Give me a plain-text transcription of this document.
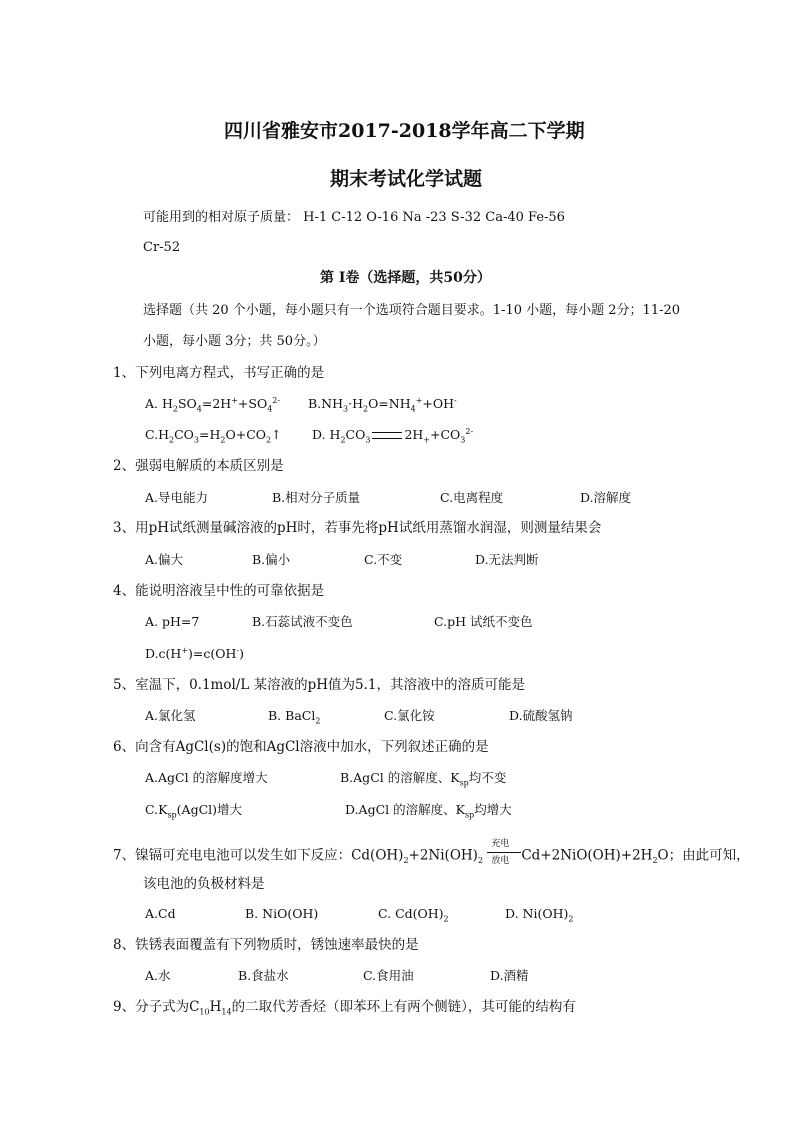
四川省雅安市2017-2018学年高二下学期
期末考试化学试题
可能用到的相对原子质量： H-1 C-12 O-16 Na -23 S-32 Ca-40 Fe-56
Cr-52
第 I卷（选择题，共50分）
选择题（共 20 个小题，每小题只有一个选项符合题目要求。1-10 小题，每小题 2分；11-20
小题，每小题 3分；共 50分。）
1、下列电离方程式，书写正确的是
A. $H_2SO_4=2H^++SO_4^{2-}$ $B.NH_3\cdot H_2O=NH_4^++OH^-$
$C.H_2CO_3=H_2O+CO_2↑$ D. $H_2CO_3$	$2H_++CO_3^{2-}$
2、强弱电解质的本质区别是
A.导电能力	B.相对分子质量	C.电离程度	D.溶解度
3、用pH试纸测量碱溶液的pH时，若事先将pH试纸用蒸馏水润湿，则测量结果会
A.偏大	B.偏小	C.不变	D.无法判断
4、能说明溶液呈中性的可靠依据是
A. pH=7	B.石蕊试液不变色	C.pH 试纸不变色
D.c(H+)=c(OH-)
5、室温下，0.1mol/L 某溶液的pH值为5.1，其溶液中的溶质可能是
A.氯化氢	B. BaCl$_2$	C.氯化铵	D.硫酸氢钠
6、向含有AgCl(s)的饱和AgCl溶液中加水，下列叙述正确的是
A.AgCl 的溶解度增大	B.AgCl 的溶解度、$K_{sp}$均不变
$C.K_{sp}(AgCl)$增大	D.AgCl 的溶解度、$K_{sp}$均增大
7、镍镉可充电电池可以发生如下反应：$Cd(OH)_2+2Ni(OH)_2$
充电
放电 $Cd+2NiO(OH)+2H_2O$；由此可知，
该电池的负极材料是
A.Cd	B. NiO(OH)	C. $Cd(OH)_2$	D. $Ni(OH)_2$
8、铁锈表面覆盖有下列物质时，锈蚀速率最快的是
A.水	B.食盐水	C.食用油	D.酒精
9、分子式为$C_{10}H_{14}$的二取代芳香烃（即苯环上有两个侧链），其可能的结构有
